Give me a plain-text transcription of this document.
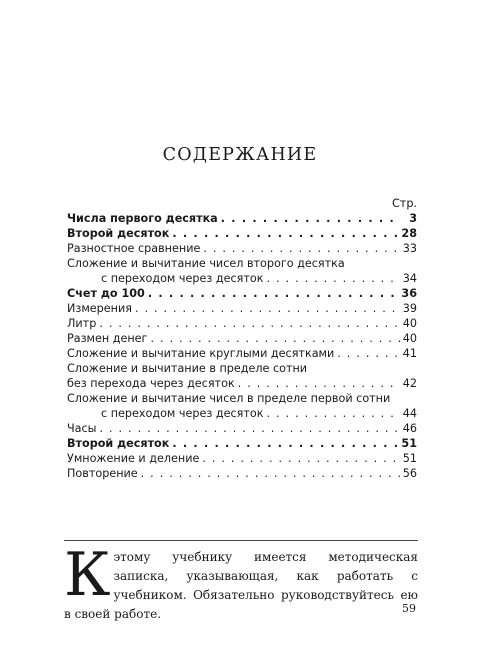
СОДЕРЖАНИЕ
Стр.
Числа первого десятка . . .	3
Второй десяток . . .	28
Разностное сравнение . . .	33
Сложение и вычитание чисел второго десятка
с переходом через десяток . . .	34
Счет до 100 . . .	36
Измерения . . .	39
Литр . . .	40
Размен денег . . .	40
Сложение и вычитание круглыми десятками . . .	41
Сложение и вычитание в пределе сотни
без перехода через десяток . . .	42
Сложение и вычитание чисел в пределе первой сотни
с переходом через десяток . . .	44
Часы . . .	46
Второй десяток . . .	51
Умножение и деление . . .	51
Повторение . . .	56
К этому учебнику имеется методическая записка, указывающая, как работать с учебником. Обязательно руководствуйтесь ею в своей работе.	59
